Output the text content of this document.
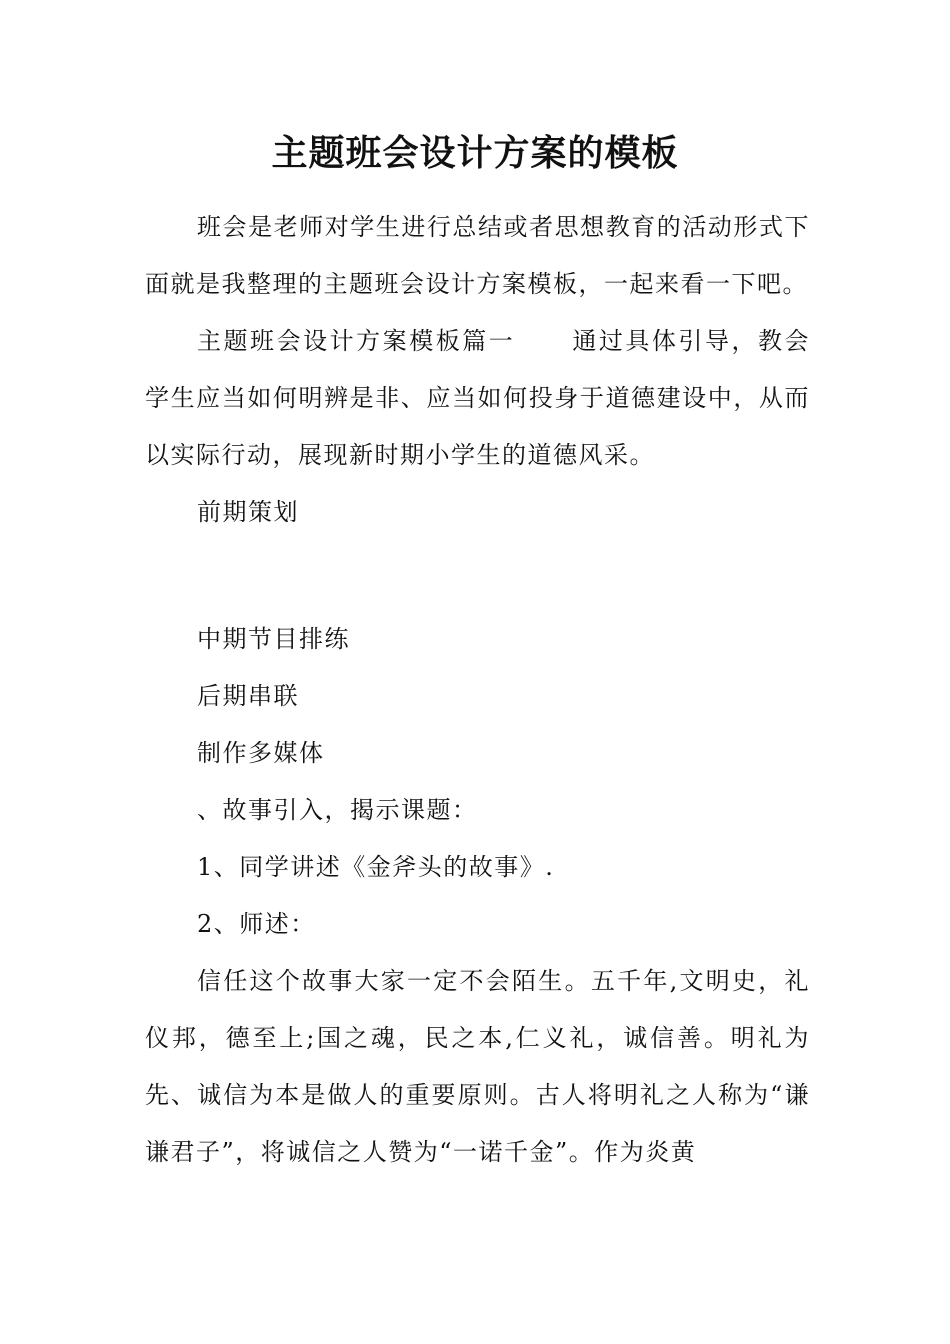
主题班会设计方案的模板

班会是老师对学生进行总结或者思想教育的活动形式下面就是我整理的主题班会设计方案模板，一起来看一下吧。

主题班会设计方案模板篇一 通过具体引导，教会学生应当如何明辨是非、应当如何投身于道德建设中，从而以实际行动，展现新时期小学生的道德风采。

前期策划

中期节目排练

后期串联

制作多媒体

、故事引入，揭示课题：

1、同学讲述《金斧头的故事》.

2、师述：

信任这个故事大家一定不会陌生。五千年,文明史，礼仪邦，德至上;国之魂，民之本,仁义礼，诚信善。明礼为先、诚信为本是做人的重要原则。古人将明礼之人称为“谦谦君子”，将诚信之人赞为“一诺千金”。作为炎黄
